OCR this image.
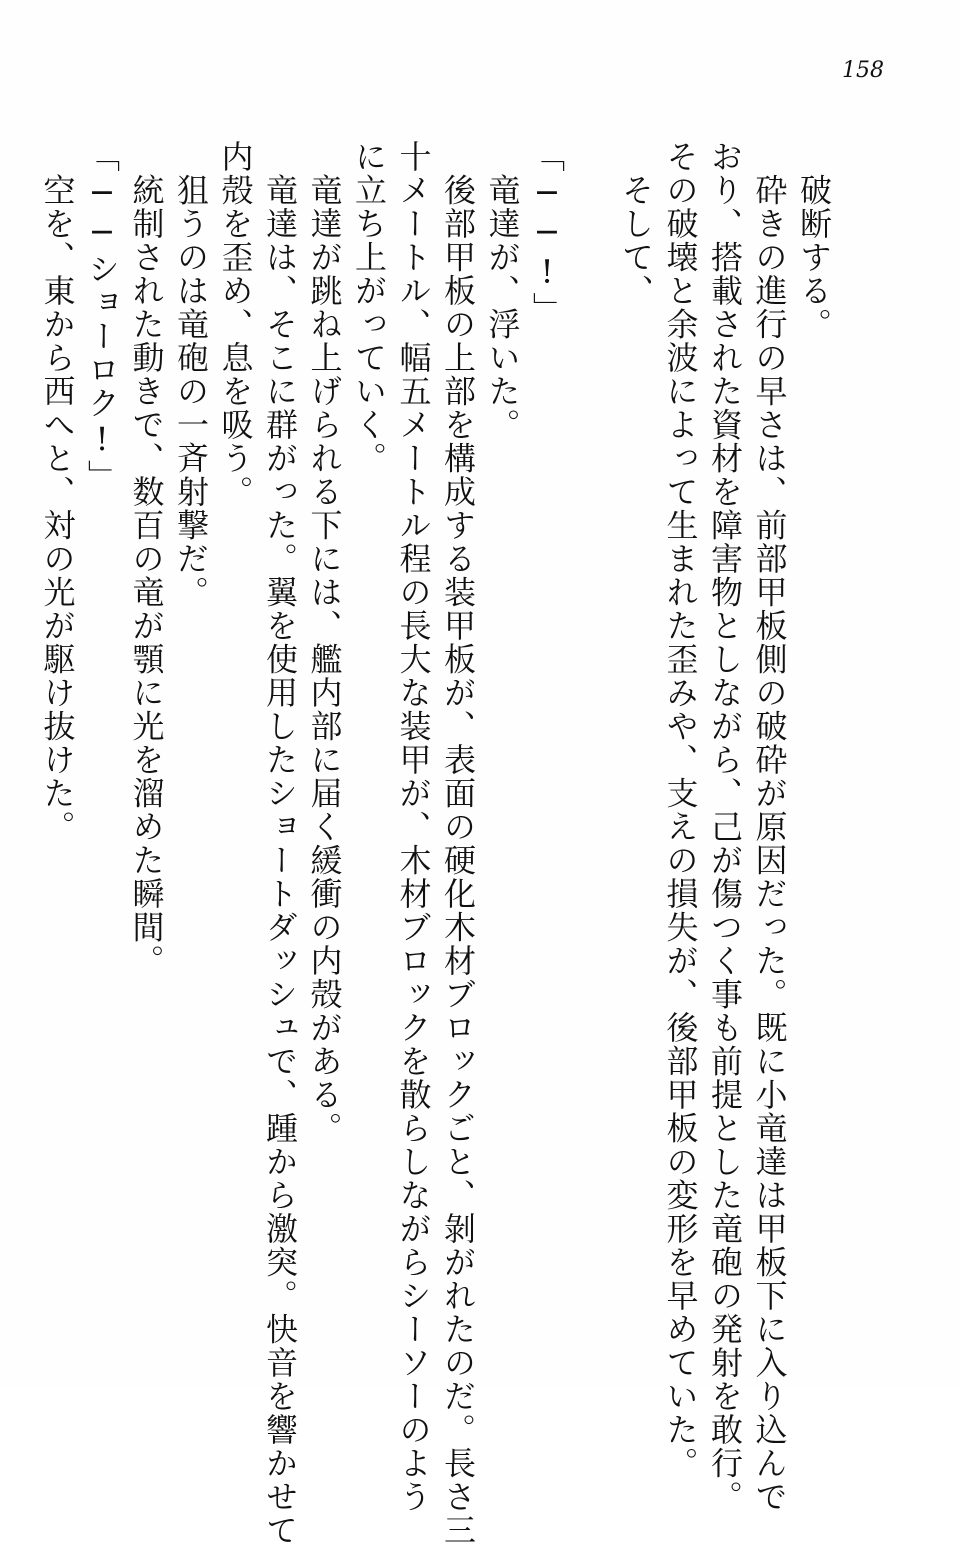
158
　破断する。
　砕きの進行の早さは、前部甲板側の破砕が原因だった。既に小竜達は甲板下に入り込んで
おり、搭載された資材を障害物としながら、己が傷つく事も前提とした竜砲の発射を敢行。
その破壊と余波によって生まれた歪みや、支えの損失が、後部甲板の変形を早めていた。
　そして、
「──!」
　竜達が、浮いた。
　後部甲板の上部を構成する装甲板が、表面の硬化木材ブロックごと、剝がれたのだ。長さ三
十メートル、幅五メートル程の長大な装甲が、木材ブロックを散らしながらシーソーのよう
に立ち上がっていく。
　竜達が跳ね上げられる下には、艦内部に届く緩衝の内殻がある。
　竜達は、そこに群がった。翼を使用したショートダッシュで、踵から激突。快音を響かせて
内殻を歪め、息を吸う。
　狙うのは竜砲の一斉射撃だ。
　統制された動きで、数百の竜が顎に光を溜めた瞬間。
「──ショーロク!」
　空を、東から西へと、対の光が駆け抜けた。
